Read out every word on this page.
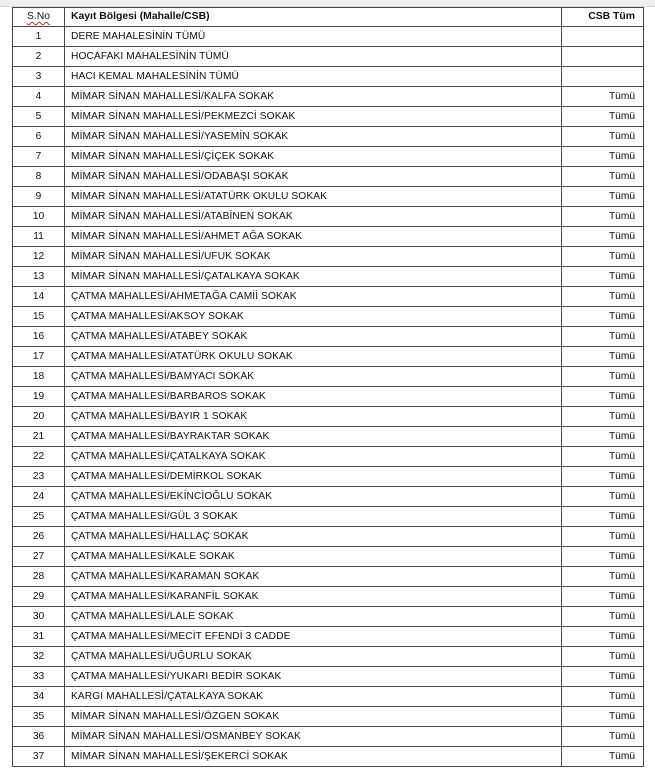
S.No	Kayıt Bölgesi (Mahalle/CSB)	CSB Tüm
1	DERE MAHALESİNİN TÜMÜ	
2	HOCAFAKI MAHALESİNİN TÜMÜ	
3	HACI KEMAL MAHALESİNİN TÜMÜ	
4	MİMAR SİNAN MAHALLESİ/KALFA SOKAK	Tümü
5	MİMAR SİNAN MAHALLESİ/PEKMEZCİ SOKAK	Tümü
6	MİMAR SİNAN MAHALLESİ/YASEMİN SOKAK	Tümü
7	MİMAR SİNAN MAHALLESİ/ÇİÇEK SOKAK	Tümü
8	MİMAR SİNAN MAHALLESİ/ODABAŞI SOKAK	Tümü
9	MİMAR SİNAN MAHALLESİ/ATATÜRK OKULU SOKAK	Tümü
10	MİMAR SİNAN MAHALLESİ/ATABİNEN SOKAK	Tümü
11	MİMAR SİNAN MAHALLESİ/AHMET AĞA SOKAK	Tümü
12	MİMAR SİNAN MAHALLESİ/UFUK SOKAK	Tümü
13	MİMAR SİNAN MAHALLESİ/ÇATALKAYA SOKAK	Tümü
14	ÇATMA MAHALLESİ/AHMETAĞA CAMİİ SOKAK	Tümü
15	ÇATMA MAHALLESİ/AKSOY SOKAK	Tümü
16	ÇATMA MAHALLESİ/ATABEY SOKAK	Tümü
17	ÇATMA MAHALLESİ/ATATÜRK OKULU SOKAK	Tümü
18	ÇATMA MAHALLESİ/BAMYACI SOKAK	Tümü
19	ÇATMA MAHALLESİ/BARBAROS SOKAK	Tümü
20	ÇATMA MAHALLESİ/BAYIR 1 SOKAK	Tümü
21	ÇATMA MAHALLESİ/BAYRAKTAR SOKAK	Tümü
22	ÇATMA MAHALLESİ/ÇATALKAYA SOKAK	Tümü
23	ÇATMA MAHALLESİ/DEMİRKOL SOKAK	Tümü
24	ÇATMA MAHALLESİ/EKİNCİOĞLU SOKAK	Tümü
25	ÇATMA MAHALLESİ/GÜL 3 SOKAK	Tümü
26	ÇATMA MAHALLESİ/HALLAÇ SOKAK	Tümü
27	ÇATMA MAHALLESİ/KALE SOKAK	Tümü
28	ÇATMA MAHALLESİ/KARAMAN SOKAK	Tümü
29	ÇATMA MAHALLESİ/KARANFİL SOKAK	Tümü
30	ÇATMA MAHALLESİ/LALE SOKAK	Tümü
31	ÇATMA MAHALLESİ/MECİT EFENDİ 3 CADDE	Tümü
32	ÇATMA MAHALLESİ/UĞURLU SOKAK	Tümü
33	ÇATMA MAHALLESİ/YUKARI BEDİR SOKAK	Tümü
34	KARGI MAHALLESİ/ÇATALKAYA SOKAK	Tümü
35	MİMAR SİNAN MAHALLESİ/ÖZGEN SOKAK	Tümü
36	MİMAR SİNAN MAHALLESİ/OSMANBEY SOKAK	Tümü
37	MİMAR SİNAN MAHALLESİ/ŞEKERCİ SOKAK	Tümü
